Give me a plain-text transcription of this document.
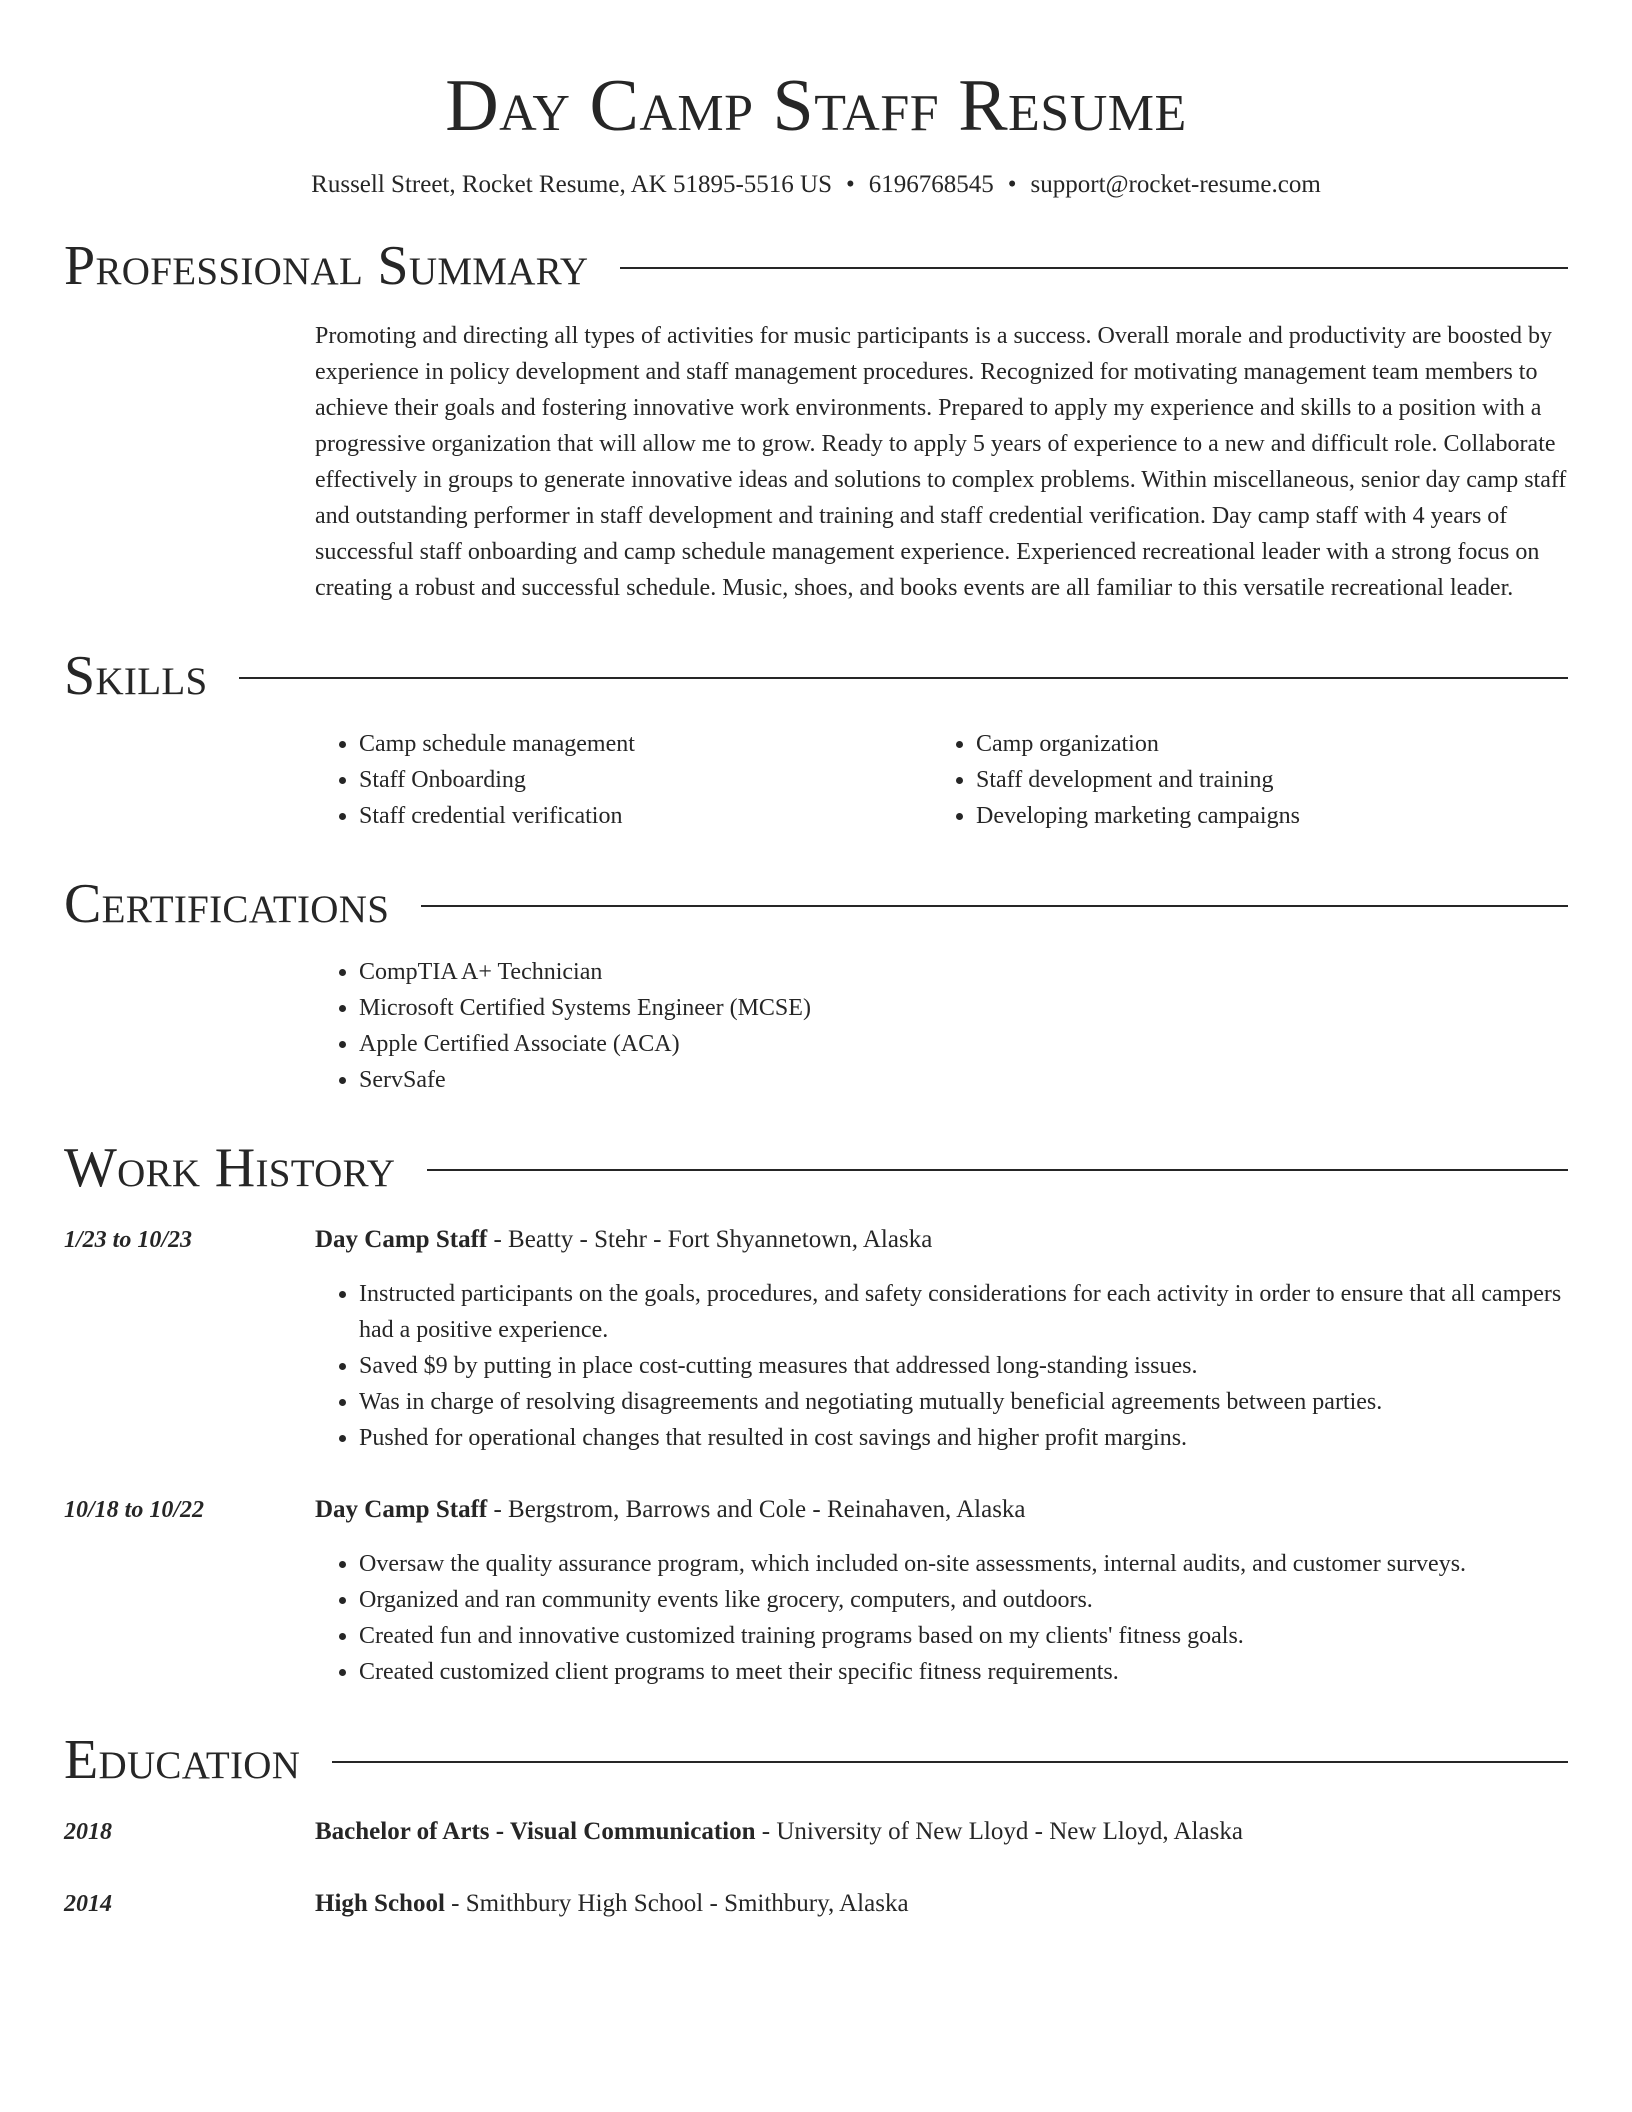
Day Camp Staff Resume
Russell Street, Rocket Resume, AK 51895-5516 US • 6196768545 • support@rocket-resume.com
Professional Summary
Promoting and directing all types of activities for music participants is a success. Overall morale and productivity are boosted by experience in policy development and staff management procedures. Recognized for motivating management team members to achieve their goals and fostering innovative work environments. Prepared to apply my experience and skills to a position with a progressive organization that will allow me to grow. Ready to apply 5 years of experience to a new and difficult role. Collaborate effectively in groups to generate innovative ideas and solutions to complex problems. Within miscellaneous, senior day camp staff and outstanding performer in staff development and training and staff credential verification. Day camp staff with 4 years of successful staff onboarding and camp schedule management experience. Experienced recreational leader with a strong focus on creating a robust and successful schedule. Music, shoes, and books events are all familiar to this versatile recreational leader.
Skills
• Camp schedule management
• Staff Onboarding
• Staff credential verification
• Camp organization
• Staff development and training
• Developing marketing campaigns
Certifications
• CompTIA A+ Technician
• Microsoft Certified Systems Engineer (MCSE)
• Apple Certified Associate (ACA)
• ServSafe
Work History
1/23 to 10/23	Day Camp Staff - Beatty - Stehr - Fort Shyannetown, Alaska
• Instructed participants on the goals, procedures, and safety considerations for each activity in order to ensure that all campers had a positive experience.
• Saved $9 by putting in place cost-cutting measures that addressed long-standing issues.
• Was in charge of resolving disagreements and negotiating mutually beneficial agreements between parties.
• Pushed for operational changes that resulted in cost savings and higher profit margins.
10/18 to 10/22	Day Camp Staff - Bergstrom, Barrows and Cole - Reinahaven, Alaska
• Oversaw the quality assurance program, which included on-site assessments, internal audits, and customer surveys.
• Organized and ran community events like grocery, computers, and outdoors.
• Created fun and innovative customized training programs based on my clients' fitness goals.
• Created customized client programs to meet their specific fitness requirements.
Education
2018	Bachelor of Arts - Visual Communication - University of New Lloyd - New Lloyd, Alaska
2014	High School - Smithbury High School - Smithbury, Alaska
